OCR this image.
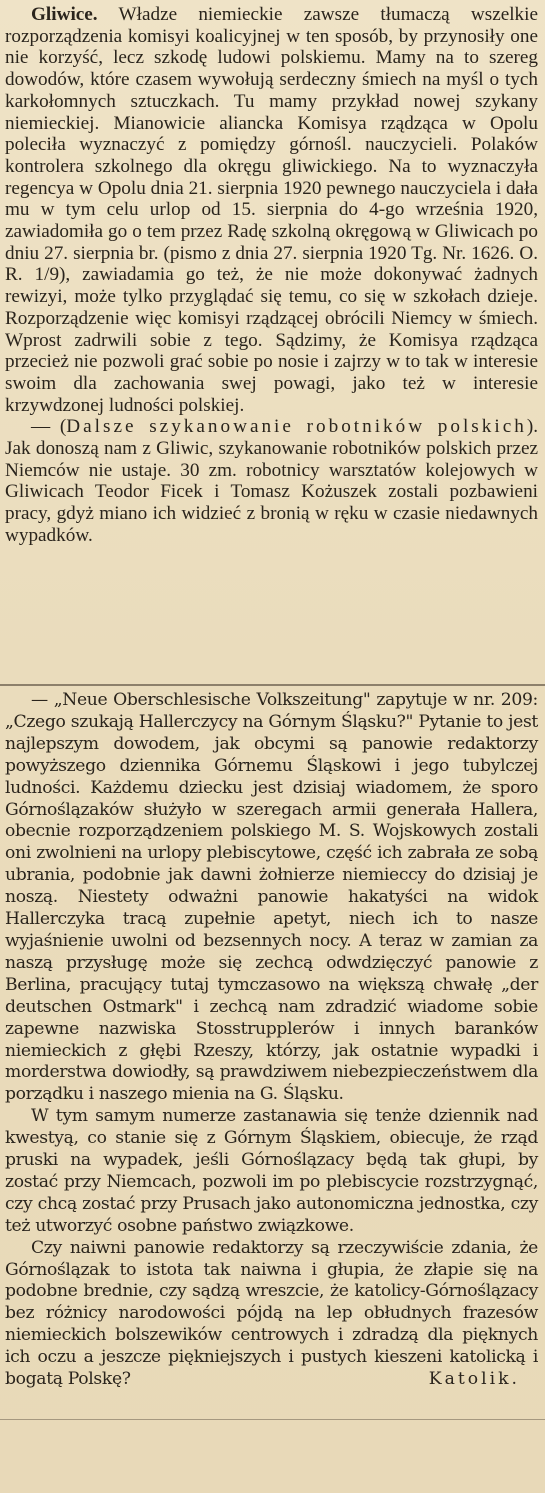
Gliwice. Władze niemieckie zawsze tłumaczą wszelkie rozporządzenia komisyi koalicyjnej w ten sposób, by przynosiły one nie korzyść, lecz szkodę ludowi polskiemu. Mamy na to szereg dowodów, które czasem wywołują serdeczny śmiech na myśl o tych karkołomnych sztuczkach. Tu mamy przykład nowej szykany niemieckiej. Mianowicie aliancka Komisya rządząca w Opolu poleciła wyznaczyć z pomiędzy górnośl. nauczycieli. Polaków kontrolera szkolnego dla okręgu gliwickiego. Na to wyznaczyła regencya w Opolu dnia 21. sierpnia 1920 pewnego nauczyciela i dała mu w tym celu urlop od 15. sierpnia do 4-go września 1920, zawiadomiła go o tem przez Radę szkolną okręgową w Gliwicach po dniu 27. sierpnia br. (pismo z dnia 27. sierpnia 1920 Tg. Nr. 1626. O. R. 1/9), zawiadamia go też, że nie może dokonywać żadnych rewizyi, może tylko przyglądać się temu, co się w szkołach dzieje. Rozporządzenie więc komisyi rządzącej obrócili Niemcy w śmiech. Wprost zadrwili sobie z tego. Sądzimy, że Komisya rządząca przecież nie pozwoli grać sobie po nosie i zajrzy w to tak w interesie swoim dla zachowania swej powagi, jako też w interesie krzywdzonej ludności polskiej.

— (Dalsze szykanowanie robotników polskich). Jak donoszą nam z Gliwic, szykanowanie robotników polskich przez Niemców nie ustaje. 30 zm. robotnicy warsztatów kolejowych w Gliwicach Teodor Ficek i Tomasz Kożuszek zostali pozbawieni pracy, gdyż miano ich widzieć z bronią w ręku w czasie niedawnych wypadków.

— „Neue Oberschlesische Volkszeitung" zapytuje w nr. 209: „Czego szukają Hallerczycy na Górnym Śląsku?" Pytanie to jest najlepszym dowodem, jak obcymi są panowie redaktorzy powyższego dziennika Górnemu Śląskowi i jego tubylczej ludności. Każdemu dziecku jest dzisiaj wiadomem, że sporo Górnoślązaków służyło w szeregach armii generała Hallera, obecnie rozporządzeniem polskiego M. S. Wojskowych zostali oni zwolnieni na urlopy plebiscytowe, część ich zabrała ze sobą ubrania, podobnie jak dawni żołnierze niemieccy do dzisiaj je noszą. Niestety odważni panowie hakatyści na widok Hallerczyka tracą zupełnie apetyt, niech ich to nasze wyjaśnienie uwolni od bezsennych nocy. A teraz w zamian za naszą przysługę może się zechcą odwdzięczyć panowie z Berlina, pracujący tutaj tymczasowo na większą chwałę „der deutschen Ostmark" i zechcą nam zdradzić wiadome sobie zapewne nazwiska Stosstrupplerów i innych baranków niemieckich z głębi Rzeszy, którzy, jak ostatnie wypadki i morderstwa dowiodły, są prawdziwem niebezpieczeństwem dla porządku i naszego mienia na G. Śląsku.

W tym samym numerze zastanawia się tenże dziennik nad kwestyą, co stanie się z Górnym Śląskiem, obiecuje, że rząd pruski na wypadek, jeśli Górnoślązacy będą tak głupi, by zostać przy Niemcach, pozwoli im po plebiscycie rozstrzygnąć, czy chcą zostać przy Prusach jako autonomiczna jednostka, czy też utworzyć osobne państwo związkowe.

Czy naiwni panowie redaktorzy są rzeczywiście zdania, że Górnoślązak to istota tak naiwna i głupia, że złapie się na podobne brednie, czy sądzą wreszcie, że katolicy-Górnoślązacy bez różnicy narodowości pójdą na lep obłudnych frazesów niemieckich bolszewików centrowych i zdradzą dla pięknych ich oczu a jeszcze piękniejszych i pustych kieszeni katolicką i bogatą Polskę?	Katolik.
